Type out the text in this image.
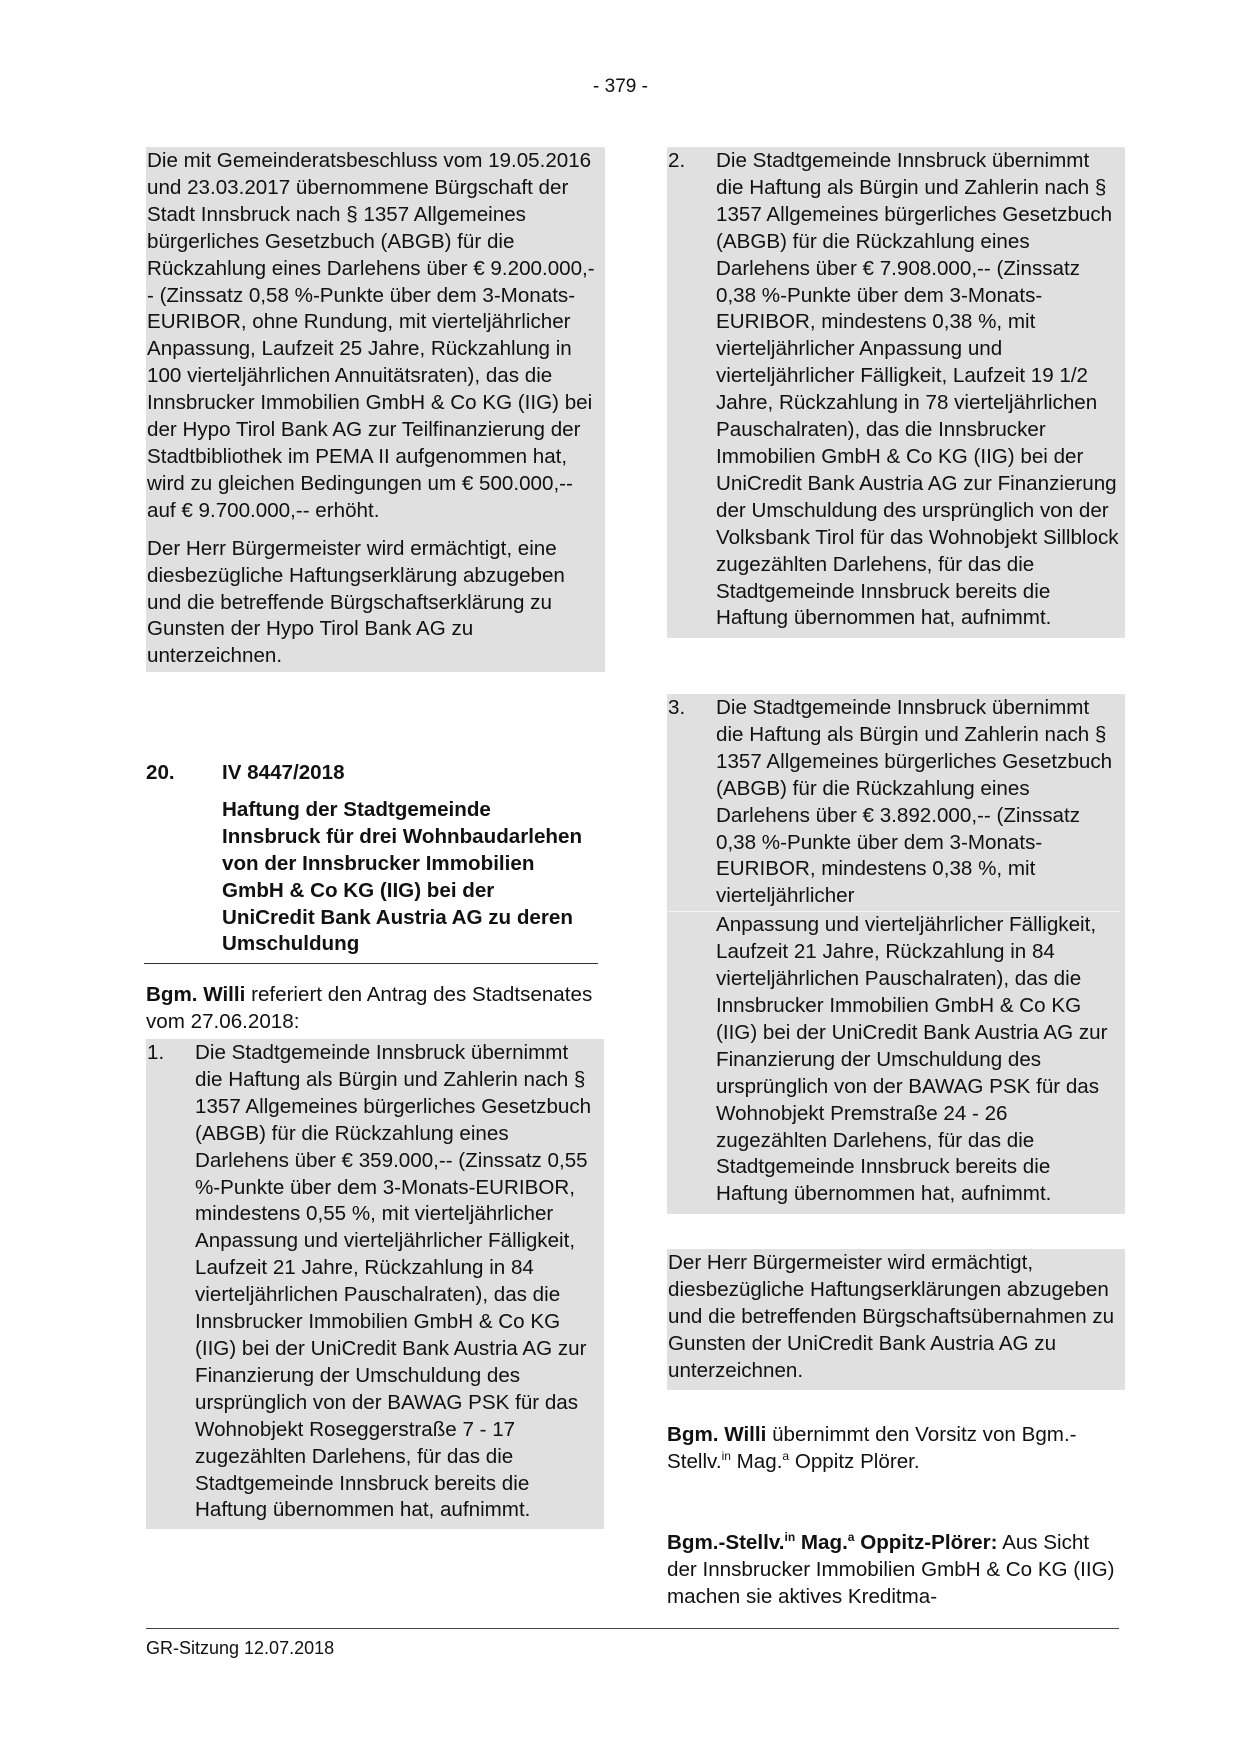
- 379 -

Die mit Gemeinderatsbeschluss vom 19.05.2016 und 23.03.2017 übernommene Bürgschaft der Stadt Innsbruck nach § 1357 Allgemeines bürgerliches Gesetzbuch (ABGB) für die Rückzahlung eines Darlehens über € 9.200.000,-- (Zinssatz 0,58 %-Punkte über dem 3-Monats-EURIBOR, ohne Rundung, mit vierteljährlicher Anpassung, Laufzeit 25 Jahre, Rückzahlung in 100 vierteljährlichen Annuitätsraten), das die Innsbrucker Immobilien GmbH & Co KG (IIG) bei der Hypo Tirol Bank AG zur Teilfinanzierung der Stadtbibliothek im PEMA II aufgenommen hat, wird zu gleichen Bedingungen um € 500.000,-- auf € 9.700.000,-- erhöht.

Der Herr Bürgermeister wird ermächtigt, eine diesbezügliche Haftungserklärung abzugeben und die betreffende Bürgschaftserklärung zu Gunsten der Hypo Tirol Bank AG zu unterzeichnen.

20.	IV 8447/2018
Haftung der Stadtgemeinde Innsbruck für drei Wohnbaudarlehen von der Innsbrucker Immobilien GmbH & Co KG (IIG) bei der UniCredit Bank Austria AG zu deren Umschuldung

Bgm. Willi referiert den Antrag des Stadtsenates vom 27.06.2018:

1.	Die Stadtgemeinde Innsbruck übernimmt die Haftung als Bürgin und Zahlerin nach § 1357 Allgemeines bürgerliches Gesetzbuch (ABGB) für die Rückzahlung eines Darlehens über € 359.000,-- (Zinssatz 0,55 %-Punkte über dem 3-Monats-EURIBOR, mindestens 0,55 %, mit vierteljährlicher Anpassung und vierteljährlicher Fälligkeit, Laufzeit 21 Jahre, Rückzahlung in 84 vierteljährlichen Pauschalraten), das die Innsbrucker Immobilien GmbH & Co KG (IIG) bei der UniCredit Bank Austria AG zur Finanzierung der Umschuldung des ursprünglich von der BAWAG PSK für das Wohnobjekt Roseggerstraße 7 - 17 zugezählten Darlehens, für das die Stadtgemeinde Innsbruck bereits die Haftung übernommen hat, aufnimmt.
2.	Die Stadtgemeinde Innsbruck übernimmt die Haftung als Bürgin und Zahlerin nach § 1357 Allgemeines bürgerliches Gesetzbuch (ABGB) für die Rückzahlung eines Darlehens über € 7.908.000,-- (Zinssatz 0,38 %-Punkte über dem 3-Monats-EURIBOR, mindestens 0,38 %, mit vierteljährlicher Anpassung und vierteljährlicher Fälligkeit, Laufzeit 19 1/2 Jahre, Rückzahlung in 78 vierteljährlichen Pauschalraten), das die Innsbrucker Immobilien GmbH & Co KG (IIG) bei der UniCredit Bank Austria AG zur Finanzierung der Umschuldung des ursprünglich von der Volksbank Tirol für das Wohnobjekt Sillblock zugezählten Darlehens, für das die Stadtgemeinde Innsbruck bereits die Haftung übernommen hat, aufnimmt.
3.	Die Stadtgemeinde Innsbruck übernimmt die Haftung als Bürgin und Zahlerin nach § 1357 Allgemeines bürgerliches Gesetzbuch (ABGB) für die Rückzahlung eines Darlehens über € 3.892.000,-- (Zinssatz 0,38 %-Punkte über dem 3-Monats-EURIBOR, mindestens 0,38 %, mit vierteljährlicher
Anpassung und vierteljährlicher Fälligkeit, Laufzeit 21 Jahre, Rückzahlung in 84 vierteljährlichen Pauschalraten), das die Innsbrucker Immobilien GmbH & Co KG (IIG) bei der UniCredit Bank Austria AG zur Finanzierung der Umschuldung des ursprünglich von der BAWAG PSK für das Wohnobjekt Premstraße 24 - 26 zugezählten Darlehens, für das die Stadtgemeinde Innsbruck bereits die Haftung übernommen hat, aufnimmt.

Der Herr Bürgermeister wird ermächtigt, diesbezügliche Haftungserklärungen abzugeben und die betreffenden Bürgschaftsübernahmen zu Gunsten der UniCredit Bank Austria AG zu unterzeichnen.

Bgm. Willi übernimmt den Vorsitz von Bgm.-Stellv.$^{in}$ Mag.$^a$ Oppitz Plörer.

Bgm.-Stellv.$^{in}$ Mag.$^a$ Oppitz-Plörer: Aus Sicht der Innsbrucker Immobilien GmbH & Co KG (IIG) machen sie aktives Kreditma-

GR-Sitzung 12.07.2018
